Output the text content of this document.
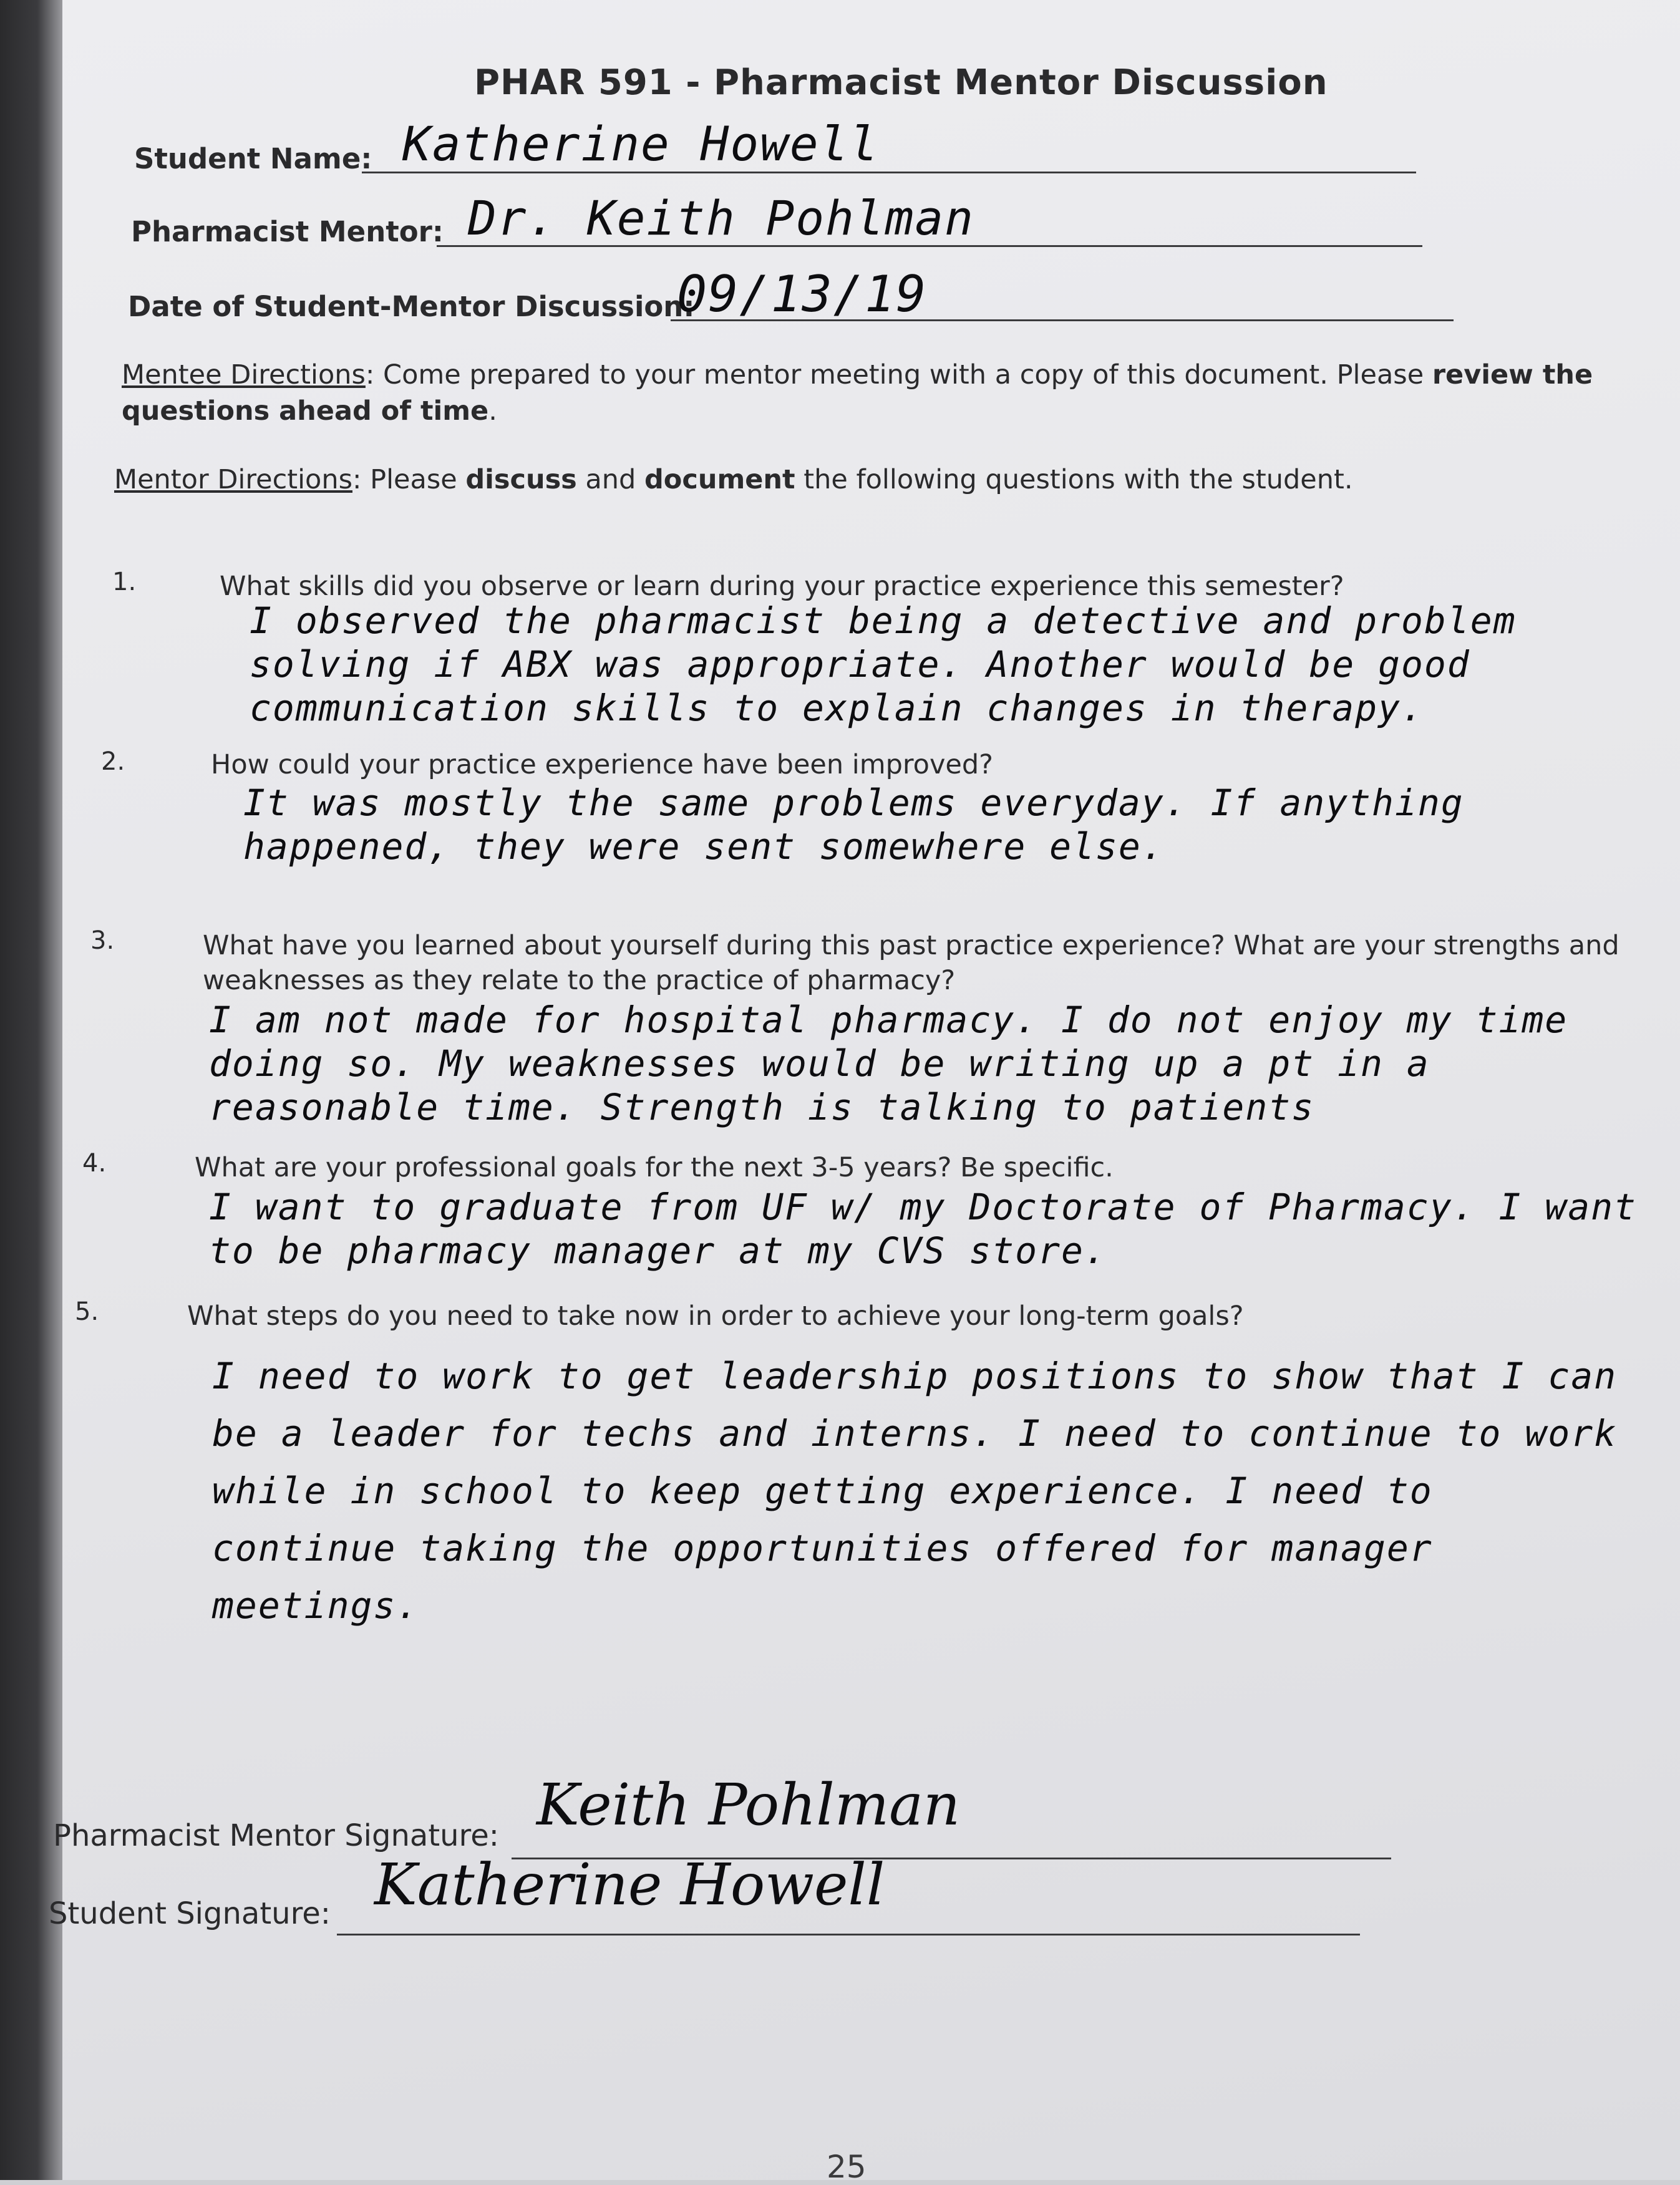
PHAR 591 - Pharmacist Mentor Discussion
Student Name: Katherine Howell
Pharmacist Mentor: Dr. Keith Pohlman
Date of Student-Mentor Discussion:
09/13/19
Mentee Directions: Come prepared to your mentor meeting with a copy of this document. Please review the questions ahead of time.
Mentor Directions: Please discuss and document the following questions with the student.
1.	What skills did you observe or learn during your practice experience this semester?
I observed the pharmacist being a detective and problem solving if ABX was appropriate. Another would be good communication skills to explain changes in therapy.
2.	How could your practice experience have been improved?
It was mostly the same problems everyday. If anything happened, they were sent somewhere else.
3.	What have you learned about yourself during this past practice experience? What are your strengths and weaknesses as they relate to the practice of pharmacy?
I am not made for hospital pharmacy. I do not enjoy my time doing so. My weaknesses would be writing up a pt in a reasonable time. Strength is talking to patients
4.	What are your professional goals for the next 3-5 years? Be specific.
I want to graduate from UF w/ my Doctorate of Pharmacy. I want to be pharmacy manager at my CVS store.
5.	What steps do you need to take now in order to achieve your long-term goals?
I need to work to get leadership positions to show that I can be a leader for techs and interns. I need to continue to work while in school to keep getting experience. I need to continue taking the opportunities offered for manager meetings.
Pharmacist Mentor Signature: Keith Pohlman
Student Signature: Katherine Howell
25
